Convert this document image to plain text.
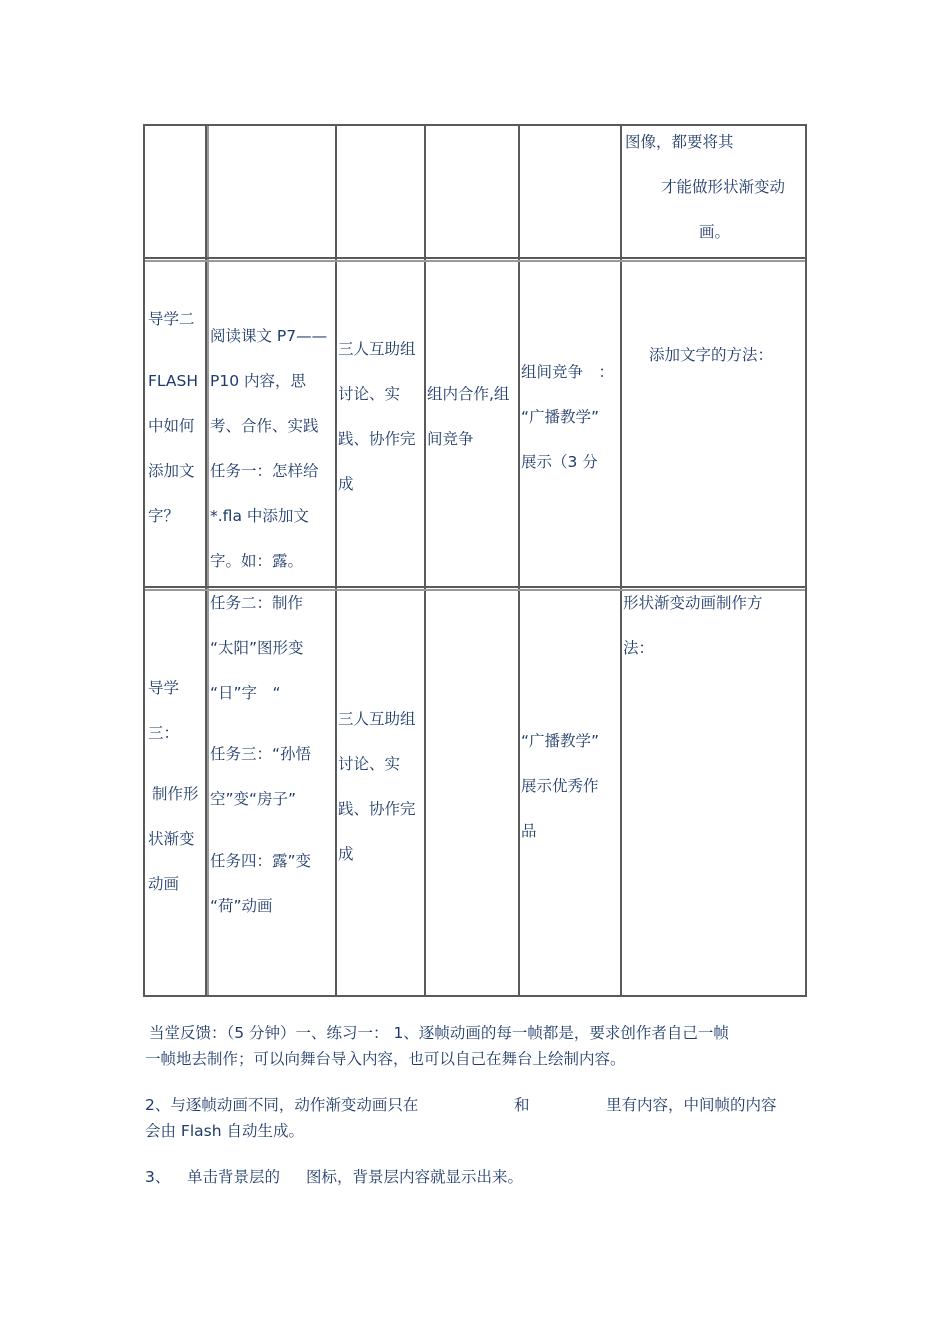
图像，都要将其
才能做形状渐变动
画。
导学二
FLASH
中如何
添加文
字？
阅读课文 P7——
P10 内容，思
考、合作、实践
任务一：怎样给
*.fla 中添加文
字。如：露。
三人互助组
讨论、实
践、协作完
成
组内合作,组
间竞争
组间竞争　：
“广播教学”
展示（3 分
添加文字的方法：
导学
三：
制作形
状渐变
动画
任务二：制作
“太阳”图形变
“日”字　“
任务三：“孙悟
空”变“房子”
任务四：露”变
“荷”动画
三人互助组
讨论、实
践、协作完
成
“广播教学”
展示优秀作
品
形状渐变动画制作方
法：
当堂反馈：（5 分钟）一、练习一： 1、逐帧动画的每一帧都是，要求创作者自己一帧
一帧地去制作；可以向舞台导入内容，也可以自己在舞台上绘制内容。
2、与逐帧动画不同，动作渐变动画只在	和	里有内容，中间帧的内容
会由 Flash 自动生成。
3、 单击背景层的 图标，背景层内容就显示出来。
